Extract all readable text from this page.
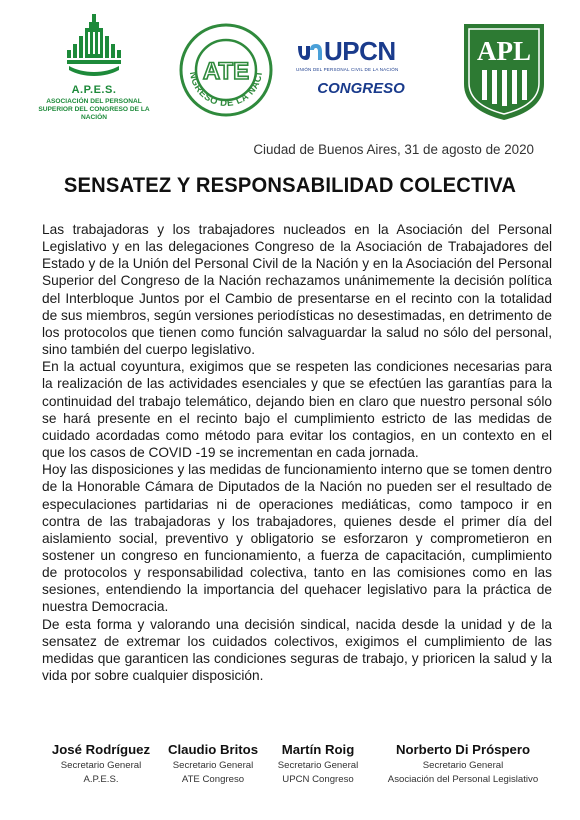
A.P.E.S.
ASOCIACIÓN DEL PERSONAL SUPERIOR DEL CONGRESO DE LA NACIÓN
NGRESO DE LA NACI
ATE
UPCN
UNIÓN DEL PERSONAL CIVIL DE LA NACIÓN
CONGRESO
APL
Ciudad de Buenos Aires, 31 de agosto de 2020
SENSATEZ Y RESPONSABILIDAD COLECTIVA

Las trabajadoras y los trabajadores nucleados en la Asociación del Personal Legislativo y en las delegaciones Congreso de la Asociación de Trabajadores del Estado y de la Unión del Personal Civil de la Nación y en la Asociación del Personal Superior del Congreso de la Nación rechazamos unánimemente la decisión política del Interbloque Juntos por el Cambio de presentarse en el recinto con la totalidad de sus miembros, según versiones periodísticas no desestimadas, en detrimento de los protocolos que tienen como función salvaguardar la salud no sólo del personal, sino también del cuerpo legislativo.

En la actual coyuntura, exigimos que se respeten las condiciones necesarias para la realización de las actividades esenciales y que se efectúen las garantías para la continuidad del trabajo telemático, dejando bien en claro que nuestro personal sólo se hará presente en el recinto bajo el cumplimiento estricto de las medidas de cuidado acordadas como método para evitar los contagios, en un contexto en el que los casos de COVID -19 se incrementan en cada jornada.

Hoy las disposiciones y las medidas de funcionamiento interno que se tomen dentro de la Honorable Cámara de Diputados de la Nación no pueden ser el resultado de especulaciones partidarias ni de operaciones mediáticas, como tampoco ir en contra de las trabajadoras y los trabajadores, quienes desde el primer día del aislamiento social, preventivo y obligatorio se esforzaron y comprometieron en sostener un congreso en funcionamiento, a fuerza de capacitación, cumplimiento de protocolos y responsabilidad colectiva, tanto en las comisiones como en las sesiones, entendiendo la importancia del quehacer legislativo para la práctica de nuestra Democracia.

De esta forma y valorando una decisión sindical, nacida desde la unidad y de la sensatez de extremar los cuidados colectivos, exigimos el cumplimiento de las medidas que garanticen las condiciones seguras de trabajo, y prioricen la salud y la vida por sobre cualquier disposición.

José Rodríguez
Secretario General
A.P.E.S.
Claudio Britos
Secretario General
ATE Congreso
Martín Roig
Secretario General
UPCN Congreso
Norberto Di Próspero
Secretario General
Asociación del Personal Legislativo
